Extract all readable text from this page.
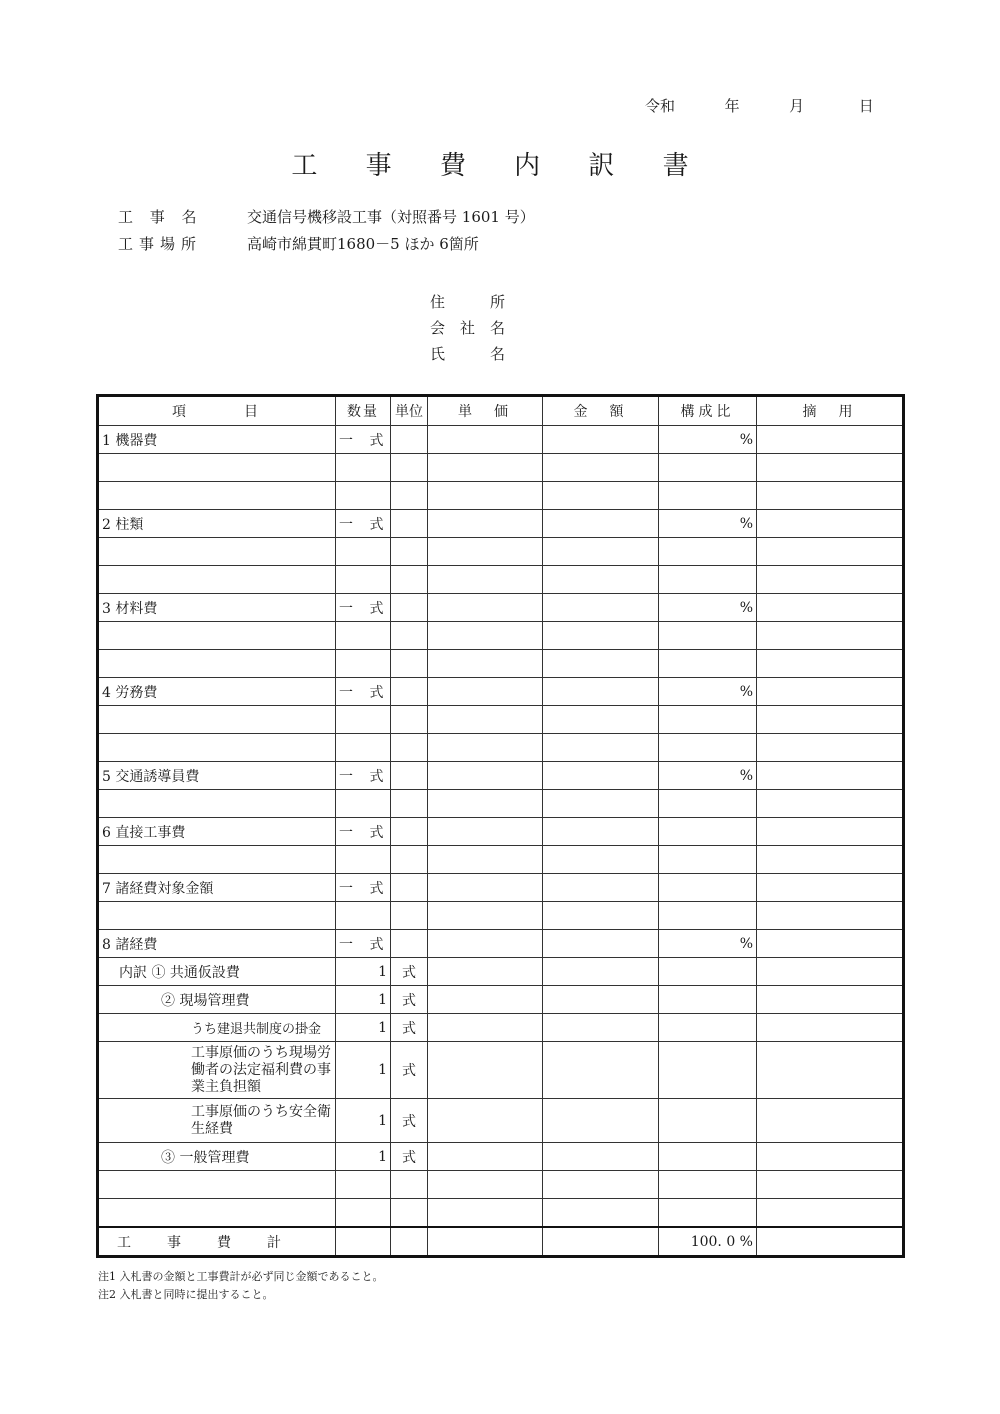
令和	年	月	日
工 事 費 内 訳 書
工 事 名	交通信号機移設工事（対照番号 1601 号）
工事場所	高崎市綿貫町1680－5 ほか 6箇所
住　　　所
会　社　名
氏　　　名
項　　　目	数量	単位	単　価	金　額	構成比	摘　用
1 機器費	一 式				%	

2 柱類	一 式				%	

3 材料費	一 式				%	

4 労務費	一 式				%	

5 交通誘導員費	一 式				%	

6 直接工事費	一 式					

7 諸経費対象金額	一 式					

8 諸経費	一 式				%	

内訳 ① 共通仮設費	1	式				

② 現場管理費	1	式				

うち建退共制度の掛金	1	式				

工事原価のうち現場労働者の法定福利費の事業主負担額	1	式				

工事原価のうち安全衛生経費	1	式				

③ 一般管理費	1	式				

工事費計					100. 0 %	
注1 入札書の金額と工事費計が必ず同じ金額であること。
注2 入札書と同時に提出すること。
